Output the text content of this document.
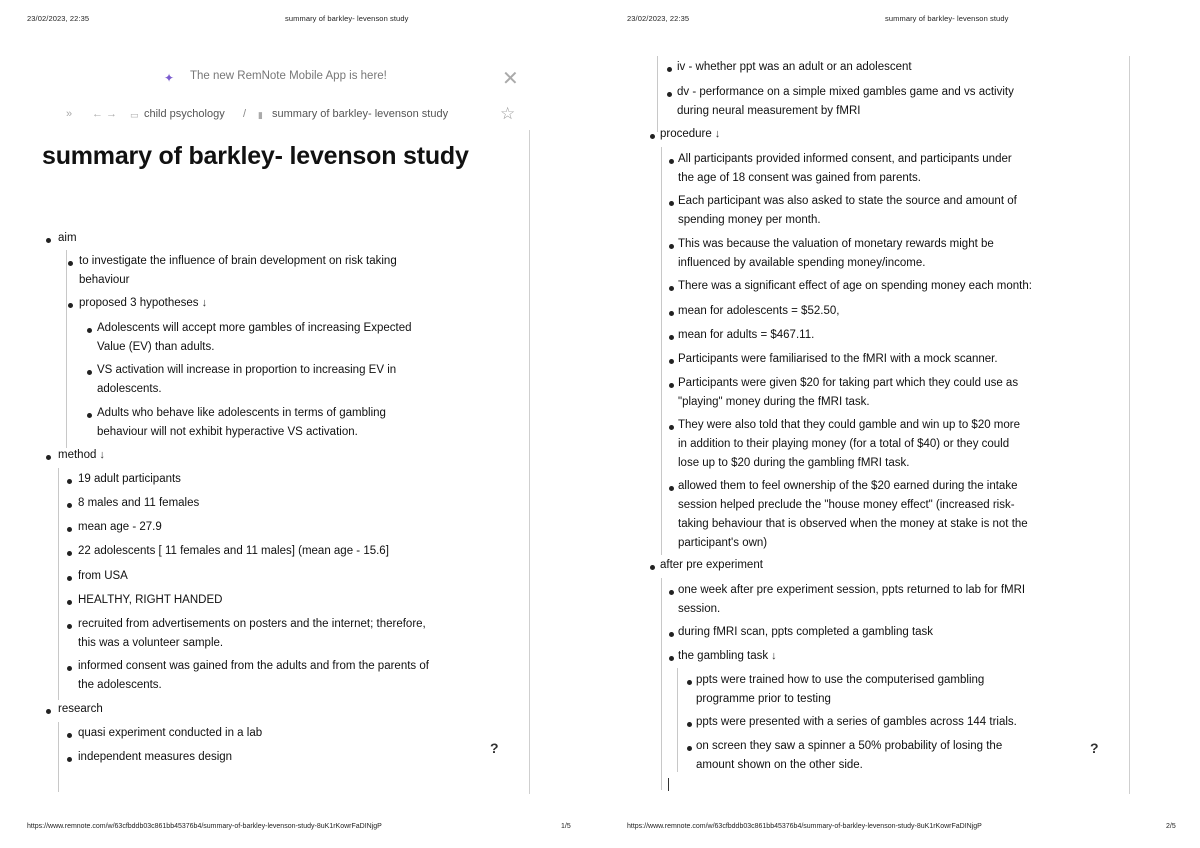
23/02/2023, 22:35	summary of barkley- levenson study
✦ The new RemNote Mobile App is here!	✕
» ← → ▭ child psychology / ▮ summary of barkley- levenson study	☆
summary of barkley- levenson study
aim
to investigate the influence of brain development on risk taking
behaviour
proposed 3 hypotheses ↓
Adolescents will accept more gambles of increasing Expected
Value (EV) than adults.
VS activation will increase in proportion to increasing EV in
adolescents.
Adults who behave like adolescents in terms of gambling
behaviour will not exhibit hyperactive VS activation.
method ↓
19 adult participants
8 males and 11 females
mean age - 27.9
22 adolescents [ 11 females and 11 males] (mean age - 15.6]
from USA
HEALTHY, RIGHT HANDED
recruited from advertisements on posters and the internet; therefore,
this was a volunteer sample.
informed consent was gained from the adults and from the parents of
the adolescents.
research
quasi experiment conducted in a lab
independent measures design
?
https://www.remnote.com/w/63cfbddb03c861bb45376b4/summary-of-barkley-levenson-study-8uK1rKowrFaDINjgP	1/5
23/02/2023, 22:35	summary of barkley- levenson study
iv - whether ppt was an adult or an adolescent
dv - performance on a simple mixed gambles game and vs activity
during neural measurement by fMRI
procedure ↓
All participants provided informed consent, and participants under
the age of 18 consent was gained from parents.
Each participant was also asked to state the source and amount of
spending money per month.
This was because the valuation of monetary rewards might be
influenced by available spending money/income.
There was a significant effect of age on spending money each month:
mean for adolescents = $52.50,
mean for adults = $467.11.
Participants were familiarised to the fMRI with a mock scanner.
Participants were given $20 for taking part which they could use as
"playing" money during the fMRI task.
They were also told that they could gamble and win up to $20 more
in addition to their playing money (for a total of $40) or they could
lose up to $20 during the gambling fMRI task.
allowed them to feel ownership of the $20 earned during the intake
session helped preclude the "house money effect" (increased risk-
taking behaviour that is observed when the money at stake is not the
participant's own)
after pre experiment
one week after pre experiment session, ppts returned to lab for fMRI
session.
during fMRI scan, ppts completed a gambling task
the gambling task ↓
ppts were trained how to use the computerised gambling
programme prior to testing
ppts were presented with a series of gambles across 144 trials.
on screen they saw a spinner a 50% probability of losing the
amount shown on the other side.
?
https://www.remnote.com/w/63cfbddb03c861bb45376b4/summary-of-barkley-levenson-study-8uK1rKowrFaDINjgP	2/5
